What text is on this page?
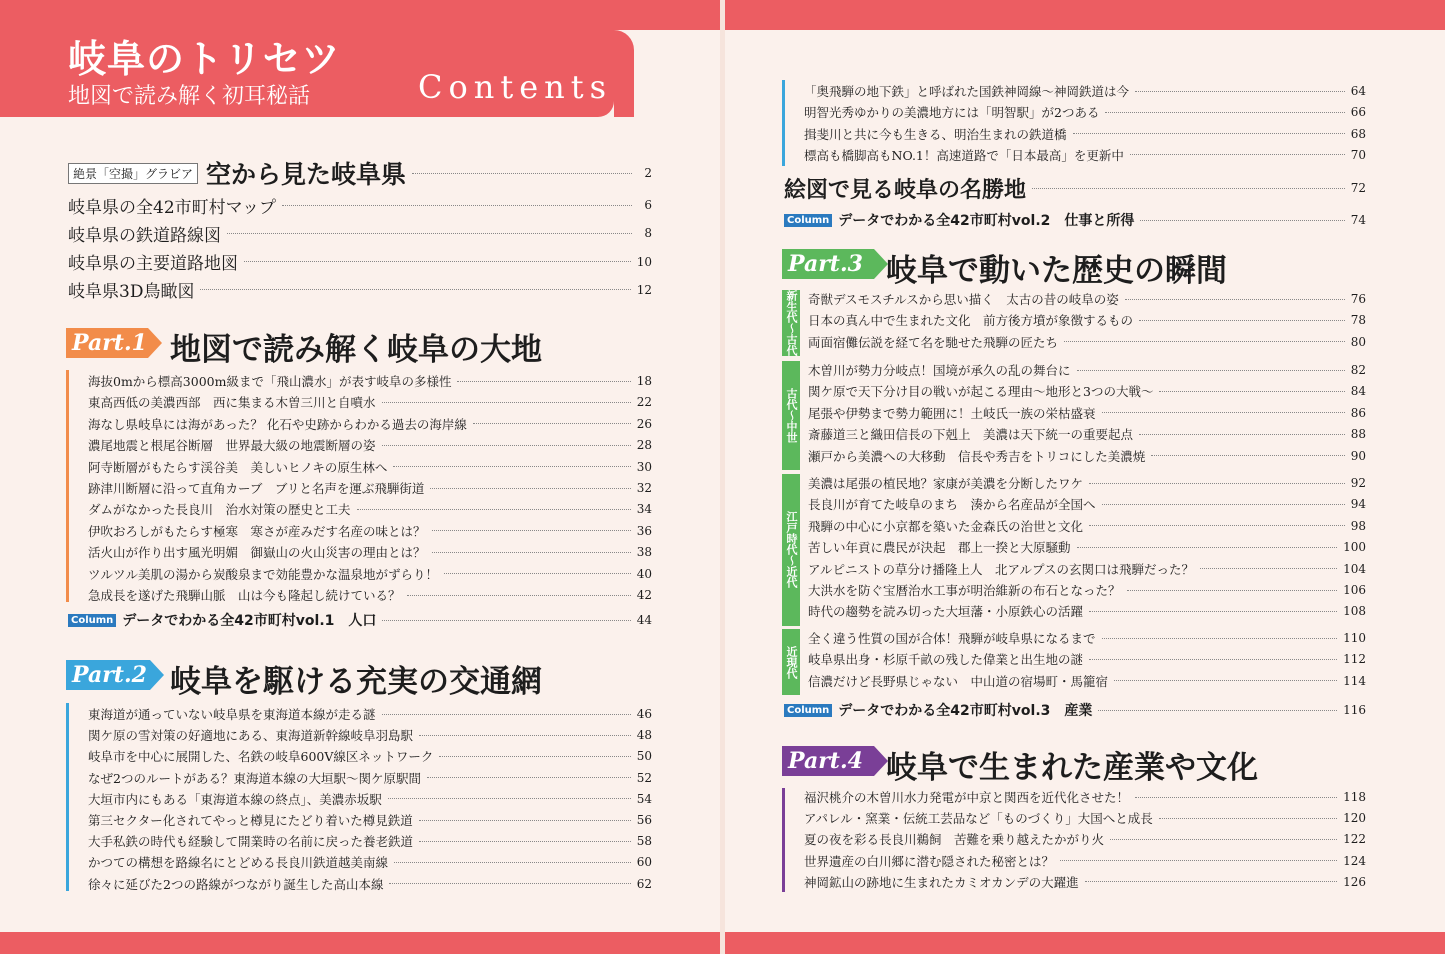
岐阜のトリセツ
地図で読み解く初耳秘話	Contents
絶景「空撮」グラビア 空から見た岐阜県	2
岐阜県の全42市町村マップ	6
岐阜県の鉄道路線図	8
岐阜県の主要道路地図	10
岐阜県3D鳥瞰図	12
Part.1 地図で読み解く岐阜の大地
海抜0mから標高3000m級まで「飛山濃水」が表す岐阜の多様性	18
東高西低の美濃西部　西に集まる木曽三川と自噴水	22
海なし県岐阜には海があった？ 化石や史跡からわかる過去の海岸線	26
濃尾地震と根尾谷断層　世界最大級の地震断層の姿	28
阿寺断層がもたらす渓谷美　美しいヒノキの原生林へ	30
跡津川断層に沿って直角カーブ　ブリと名声を運ぶ飛騨街道	32
ダムがなかった長良川　治水対策の歴史と工夫	34
伊吹おろしがもたらす極寒　寒さが産みだす名産の味とは？	36
活火山が作り出す風光明媚　御嶽山の火山災害の理由とは？	38
ツルツル美肌の湯から炭酸泉まで効能豊かな温泉地がずらり！	40
急成長を遂げた飛騨山脈　山は今も隆起し続けている？	42
Column データでわかる全42市町村vol.1　人口	44
Part.2 岐阜を駆ける充実の交通網
東海道が通っていない岐阜県を東海道本線が走る謎	46
関ケ原の雪対策の好適地にある、東海道新幹線岐阜羽島駅	48
岐阜市を中心に展開した、名鉄の岐阜600V線区ネットワーク	50
なぜ2つのルートがある？東海道本線の大垣駅〜関ケ原駅間	52
大垣市内にもある「東海道本線の終点」、美濃赤坂駅	54
第三セクター化されてやっと樽見にたどり着いた樽見鉄道	56
大手私鉄の時代も経験して開業時の名前に戻った養老鉄道	58
かつての構想を路線名にとどめる長良川鉄道越美南線	60
徐々に延びた2つの路線がつながり誕生した高山本線	62
「奥飛騨の地下鉄」と呼ばれた国鉄神岡線〜神岡鉄道は今	64
明智光秀ゆかりの美濃地方には「明智駅」が2つある	66
揖斐川と共に今も生きる、明治生まれの鉄道橋	68
標高も橋脚高もNO.1！高速道路で「日本最高」を更新中	70
絵図で見る岐阜の名勝地	72
Column データでわかる全42市町村vol.2　仕事と所得	74
Part.3 岐阜で動いた歴史の瞬間
新生代〜古代 奇獣デスモスチルスから思い描く　太古の昔の岐阜の姿	76
日本の真ん中で生まれた文化　前方後方墳が象徴するもの	78
両面宿儺伝説を経て名を馳せた飛騨の匠たち	80
古代〜中世
木曽川が勢力分岐点！国境が承久の乱の舞台に	82
関ケ原で天下分け目の戦いが起こる理由〜地形と3つの大戦〜	84
尾張や伊勢まで勢力範囲に！土岐氏一族の栄枯盛衰	86
斎藤道三と織田信長の下剋上　美濃は天下統一の重要起点	88
瀬戸から美濃への大移動　信長や秀吉をトリコにした美濃焼	90
江戸時代〜近代
美濃は尾張の植民地？家康が美濃を分断したワケ	92
長良川が育てた岐阜のまち　湊から名産品が全国へ	94
飛騨の中心に小京都を築いた金森氏の治世と文化	98
苦しい年貢に農民が決起　郡上一揆と大原騒動	100
アルピニストの草分け播隆上人　北アルプスの玄関口は飛騨だった？	104
大洪水を防ぐ宝暦治水工事が明治維新の布石となった？	106
時代の趨勢を読み切った大垣藩・小原鉄心の活躍	108
近現代
全く違う性質の国が合体！飛騨が岐阜県になるまで	110
岐阜県出身・杉原千畝の残した偉業と出生地の謎	112
信濃だけど長野県じゃない　中山道の宿場町・馬籠宿	114
Column データでわかる全42市町村vol.3　産業	116
Part.4 岐阜で生まれた産業や文化
福沢桃介の木曽川水力発電が中京と関西を近代化させた！	118
アパレル・窯業・伝統工芸品など「ものづくり」大国へと成長	120
夏の夜を彩る長良川鵜飼　苦難を乗り越えたかがり火	122
世界遺産の白川郷に潜む隠された秘密とは？	124
神岡鉱山の跡地に生まれたカミオカンデの大躍進	126
